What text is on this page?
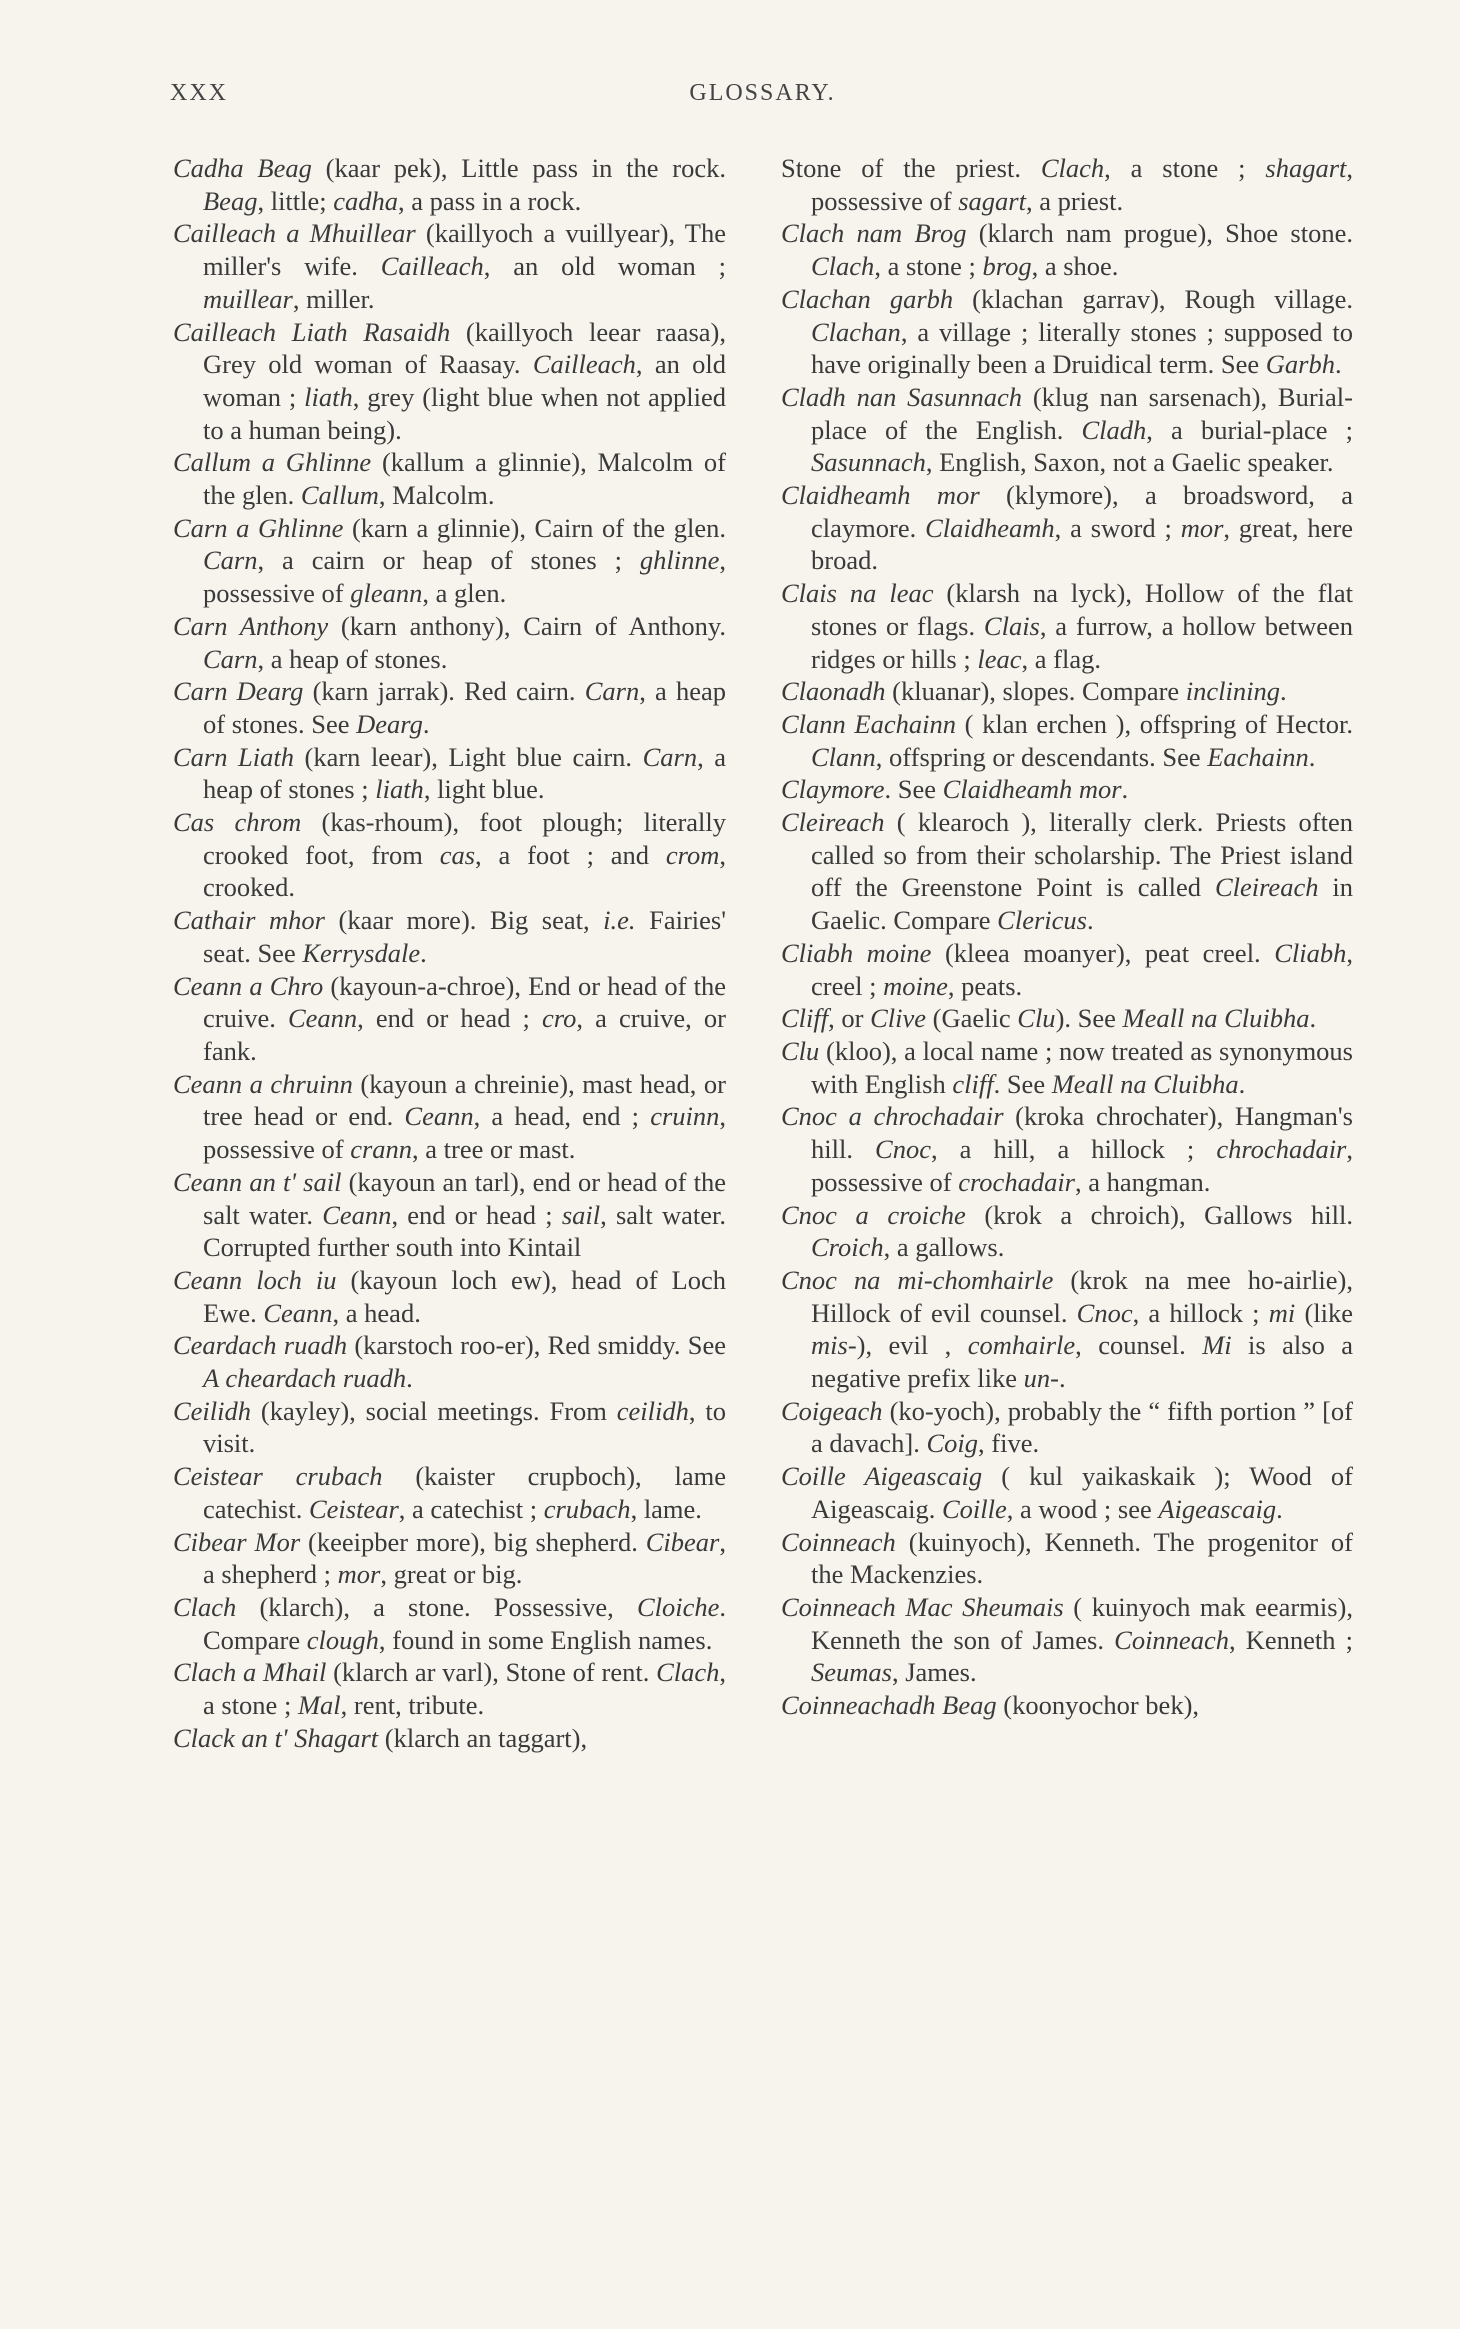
XXX	GLOSSARY.

Cadha Beag (kaar pek), Little pass in the rock. Beag, little; cadha, a pass in a rock.

Cailleach a Mhuillear (kaillyoch a vuillyear), The miller's wife. Cailleach, an old woman ; muillear, miller.

Cailleach Liath Rasaidh (kaillyoch leear raasa), Grey old woman of Raasay. Cailleach, an old woman ; liath, grey (light blue when not applied to a human being).

Callum a Ghlinne (kallum a glinnie), Malcolm of the glen. Callum, Malcolm.

Carn a Ghlinne (karn a glinnie), Cairn of the glen. Carn, a cairn or heap of stones ; ghlinne, possessive of gleann, a glen.

Carn Anthony (karn anthony), Cairn of Anthony. Carn, a heap of stones.

Carn Dearg (karn jarrak). Red cairn. Carn, a heap of stones. See Dearg.

Carn Liath (karn leear), Light blue cairn. Carn, a heap of stones ; liath, light blue.

Cas chrom (kas-rhoum), foot plough; literally crooked foot, from cas, a foot ; and crom, crooked.

Cathair mhor (kaar more). Big seat, i.e. Fairies' seat. See Kerrysdale.

Ceann a Chro (kayoun-a-chroe), End or head of the cruive. Ceann, end or head ; cro, a cruive, or fank.

Ceann a chruinn (kayoun a chreinie), mast head, or tree head or end. Ceann, a head, end ; cruinn, possessive of crann, a tree or mast.

Ceann an t' sail (kayoun an tarl), end or head of the salt water. Ceann, end or head ; sail, salt water. Corrupted further south into Kintail

Ceann loch iu (kayoun loch ew), head of Loch Ewe. Ceann, a head.

Ceardach ruadh (karstoch roo-er), Red smiddy. See A cheardach ruadh.

Ceilidh (kayley), social meetings. From ceilidh, to visit.

Ceistear crubach (kaister crupboch), lame catechist. Ceistear, a catechist ; crubach, lame.

Cibear Mor (keeipber more), big shepherd. Cibear, a shepherd ; mor, great or big.

Clach (klarch), a stone. Possessive, Cloiche. Compare clough, found in some English names.

Clach a Mhail (klarch ar varl), Stone of rent. Clach, a stone ; Mal, rent, tribute.

Clack an t' Shagart (klarch an taggart),

Stone of the priest. Clach, a stone ; shagart, possessive of sagart, a priest.

Clach nam Brog (klarch nam progue), Shoe stone. Clach, a stone ; brog, a shoe.

Clachan garbh (klachan garrav), Rough village. Clachan, a village ; literally stones ; supposed to have originally been a Druidical term. See Garbh.

Cladh nan Sasunnach (klug nan sarsenach), Burial-place of the English. Cladh, a burial-place ; Sasunnach, English, Saxon, not a Gaelic speaker.

Claidheamh mor (klymore), a broadsword, a claymore. Claidheamh, a sword ; mor, great, here broad.

Clais na leac (klarsh na lyck), Hollow of the flat stones or flags. Clais, a furrow, a hollow between ridges or hills ; leac, a flag.

Claonadh (kluanar), slopes. Compare inclining.

Clann Eachainn ( klan erchen ), offspring of Hector. Clann, offspring or descendants. See Eachainn.

Claymore. See Claidheamh mor.

Cleireach ( klearoch ), literally clerk. Priests often called so from their scholarship. The Priest island off the Greenstone Point is called Cleireach in Gaelic. Compare Clericus.

Cliabh moine (kleea moanyer), peat creel. Cliabh, creel ; moine, peats.

Cliff, or Clive (Gaelic Clu). See Meall na Cluibha.

Clu (kloo), a local name ; now treated as synonymous with English cliff. See Meall na Cluibha.

Cnoc a chrochadair (kroka chrochater), Hangman's hill. Cnoc, a hill, a hillock ; chrochadair, possessive of crochadair, a hangman.

Cnoc a croiche (krok a chroich), Gallows hill. Croich, a gallows.

Cnoc na mi-chomhairle (krok na mee ho-airlie), Hillock of evil counsel. Cnoc, a hillock ; mi (like mis-), evil , comhairle, counsel. Mi is also a negative prefix like un-.

Coigeach (ko-yoch), probably the “ fifth portion ” [of a davach]. Coig, five.

Coille Aigeascaig ( kul yaikaskaik ); Wood of Aigeascaig. Coille, a wood ; see Aigeascaig.

Coinneach (kuinyoch), Kenneth. The progenitor of the Mackenzies.

Coinneach Mac Sheumais ( kuinyoch mak eearmis), Kenneth the son of James. Coinneach, Kenneth ; Seumas, James.

Coinneachadh Beag (koonyochor bek),
